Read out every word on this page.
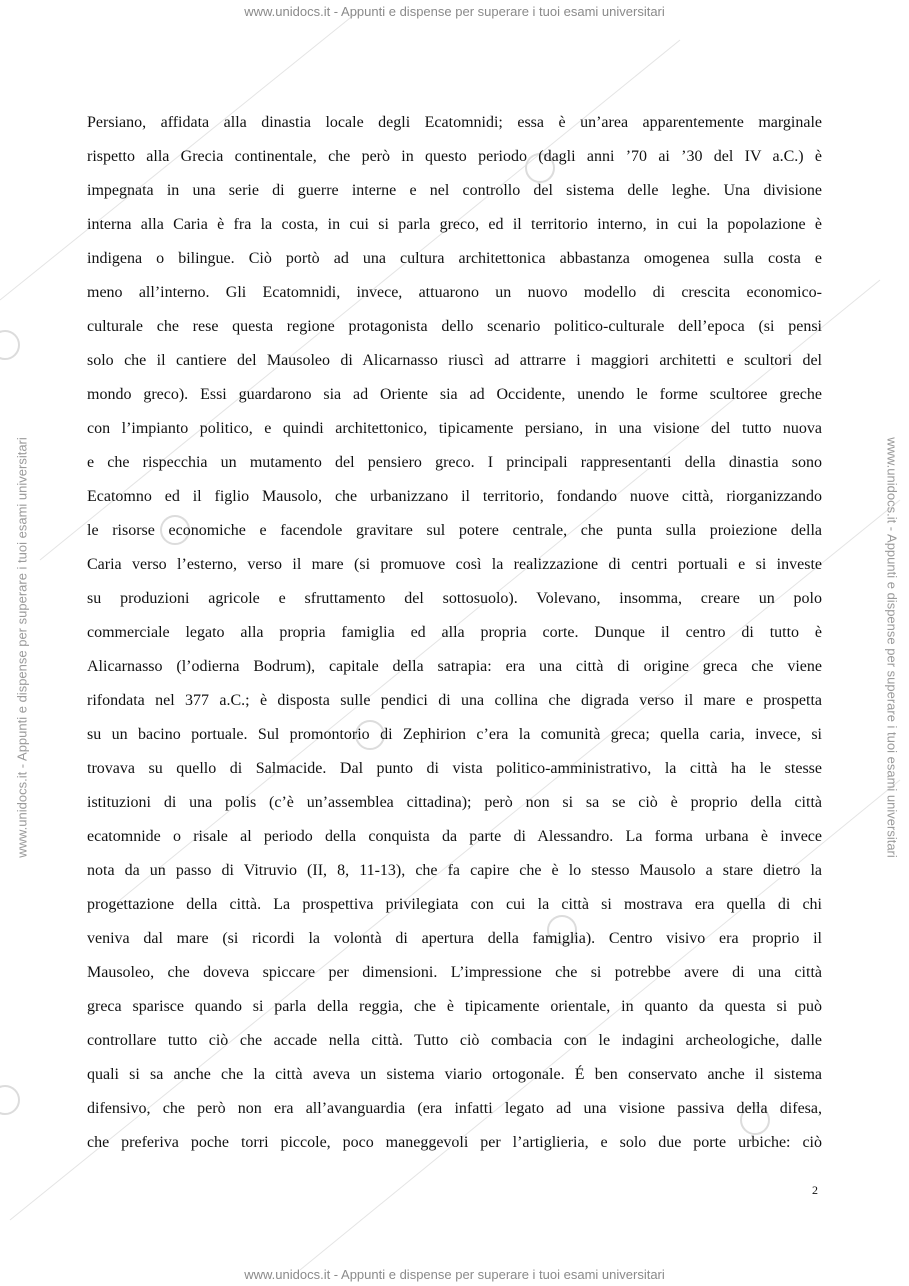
www.unidocs.it - Appunti e dispense per superare i tuoi esami universitari
www.unidocs.it - Appunti e dispense per superare i tuoi esami universitari
www.unidocs.it - Appunti e dispense per superare i tuoi esami universitari	www.unidocs.it - Appunti e dispense per superare i tuoi esami universitari
Persiano, affidata alla dinastia locale degli Ecatomnidi; essa è un’area apparentemente marginale
rispetto alla Grecia continentale, che però in questo periodo (dagli anni ’70 ai ’30 del IV a.C.) è
impegnata in una serie di guerre interne e nel controllo del sistema delle leghe. Una divisione
interna alla Caria è fra la costa, in cui si parla greco, ed il territorio interno, in cui la popolazione è
indigena o bilingue. Ciò portò ad una cultura architettonica abbastanza omogenea sulla costa e
meno all’interno. Gli Ecatomnidi, invece, attuarono un nuovo modello di crescita economico-
culturale che rese questa regione protagonista dello scenario politico-culturale dell’epoca (si pensi
solo che il cantiere del Mausoleo di Alicarnasso riuscì ad attrarre i maggiori architetti e scultori del
mondo greco). Essi guardarono sia ad Oriente sia ad Occidente, unendo le forme scultoree greche
con l’impianto politico, e quindi architettonico, tipicamente persiano, in una visione del tutto nuova
e che rispecchia un mutamento del pensiero greco. I principali rappresentanti della dinastia sono
Ecatomno ed il figlio Mausolo, che urbanizzano il territorio, fondando nuove città, riorganizzando
le risorse economiche e facendole gravitare sul potere centrale, che punta sulla proiezione della
Caria verso l’esterno, verso il mare (si promuove così la realizzazione di centri portuali e si investe
su produzioni agricole e sfruttamento del sottosuolo). Volevano, insomma, creare un polo
commerciale legato alla propria famiglia ed alla propria corte. Dunque il centro di tutto è
Alicarnasso (l’odierna Bodrum), capitale della satrapia: era una città di origine greca che viene
rifondata nel 377 a.C.; è disposta sulle pendici di una collina che digrada verso il mare e prospetta
su un bacino portuale. Sul promontorio di Zephirion c’era la comunità greca; quella caria, invece, si
trovava su quello di Salmacide. Dal punto di vista politico-amministrativo, la città ha le stesse
istituzioni di una polis (c’è un’assemblea cittadina); però non si sa se ciò è proprio della città
ecatomnide o risale al periodo della conquista da parte di Alessandro. La forma urbana è invece
nota da un passo di Vitruvio (II, 8, 11-13), che fa capire che è lo stesso Mausolo a stare dietro la
progettazione della città. La prospettiva privilegiata con cui la città si mostrava era quella di chi
veniva dal mare (si ricordi la volontà di apertura della famiglia). Centro visivo era proprio il
Mausoleo, che doveva spiccare per dimensioni. L’impressione che si potrebbe avere di una città
greca sparisce quando si parla della reggia, che è tipicamente orientale, in quanto da questa si può
controllare tutto ciò che accade nella città. Tutto ciò combacia con le indagini archeologiche, dalle
quali si sa anche che la città aveva un sistema viario ortogonale. É ben conservato anche il sistema
difensivo, che però non era all’avanguardia (era infatti legato ad una visione passiva della difesa,
che preferiva poche torri piccole, poco maneggevoli per l’artiglieria, e solo due porte urbiche: ciò
2
